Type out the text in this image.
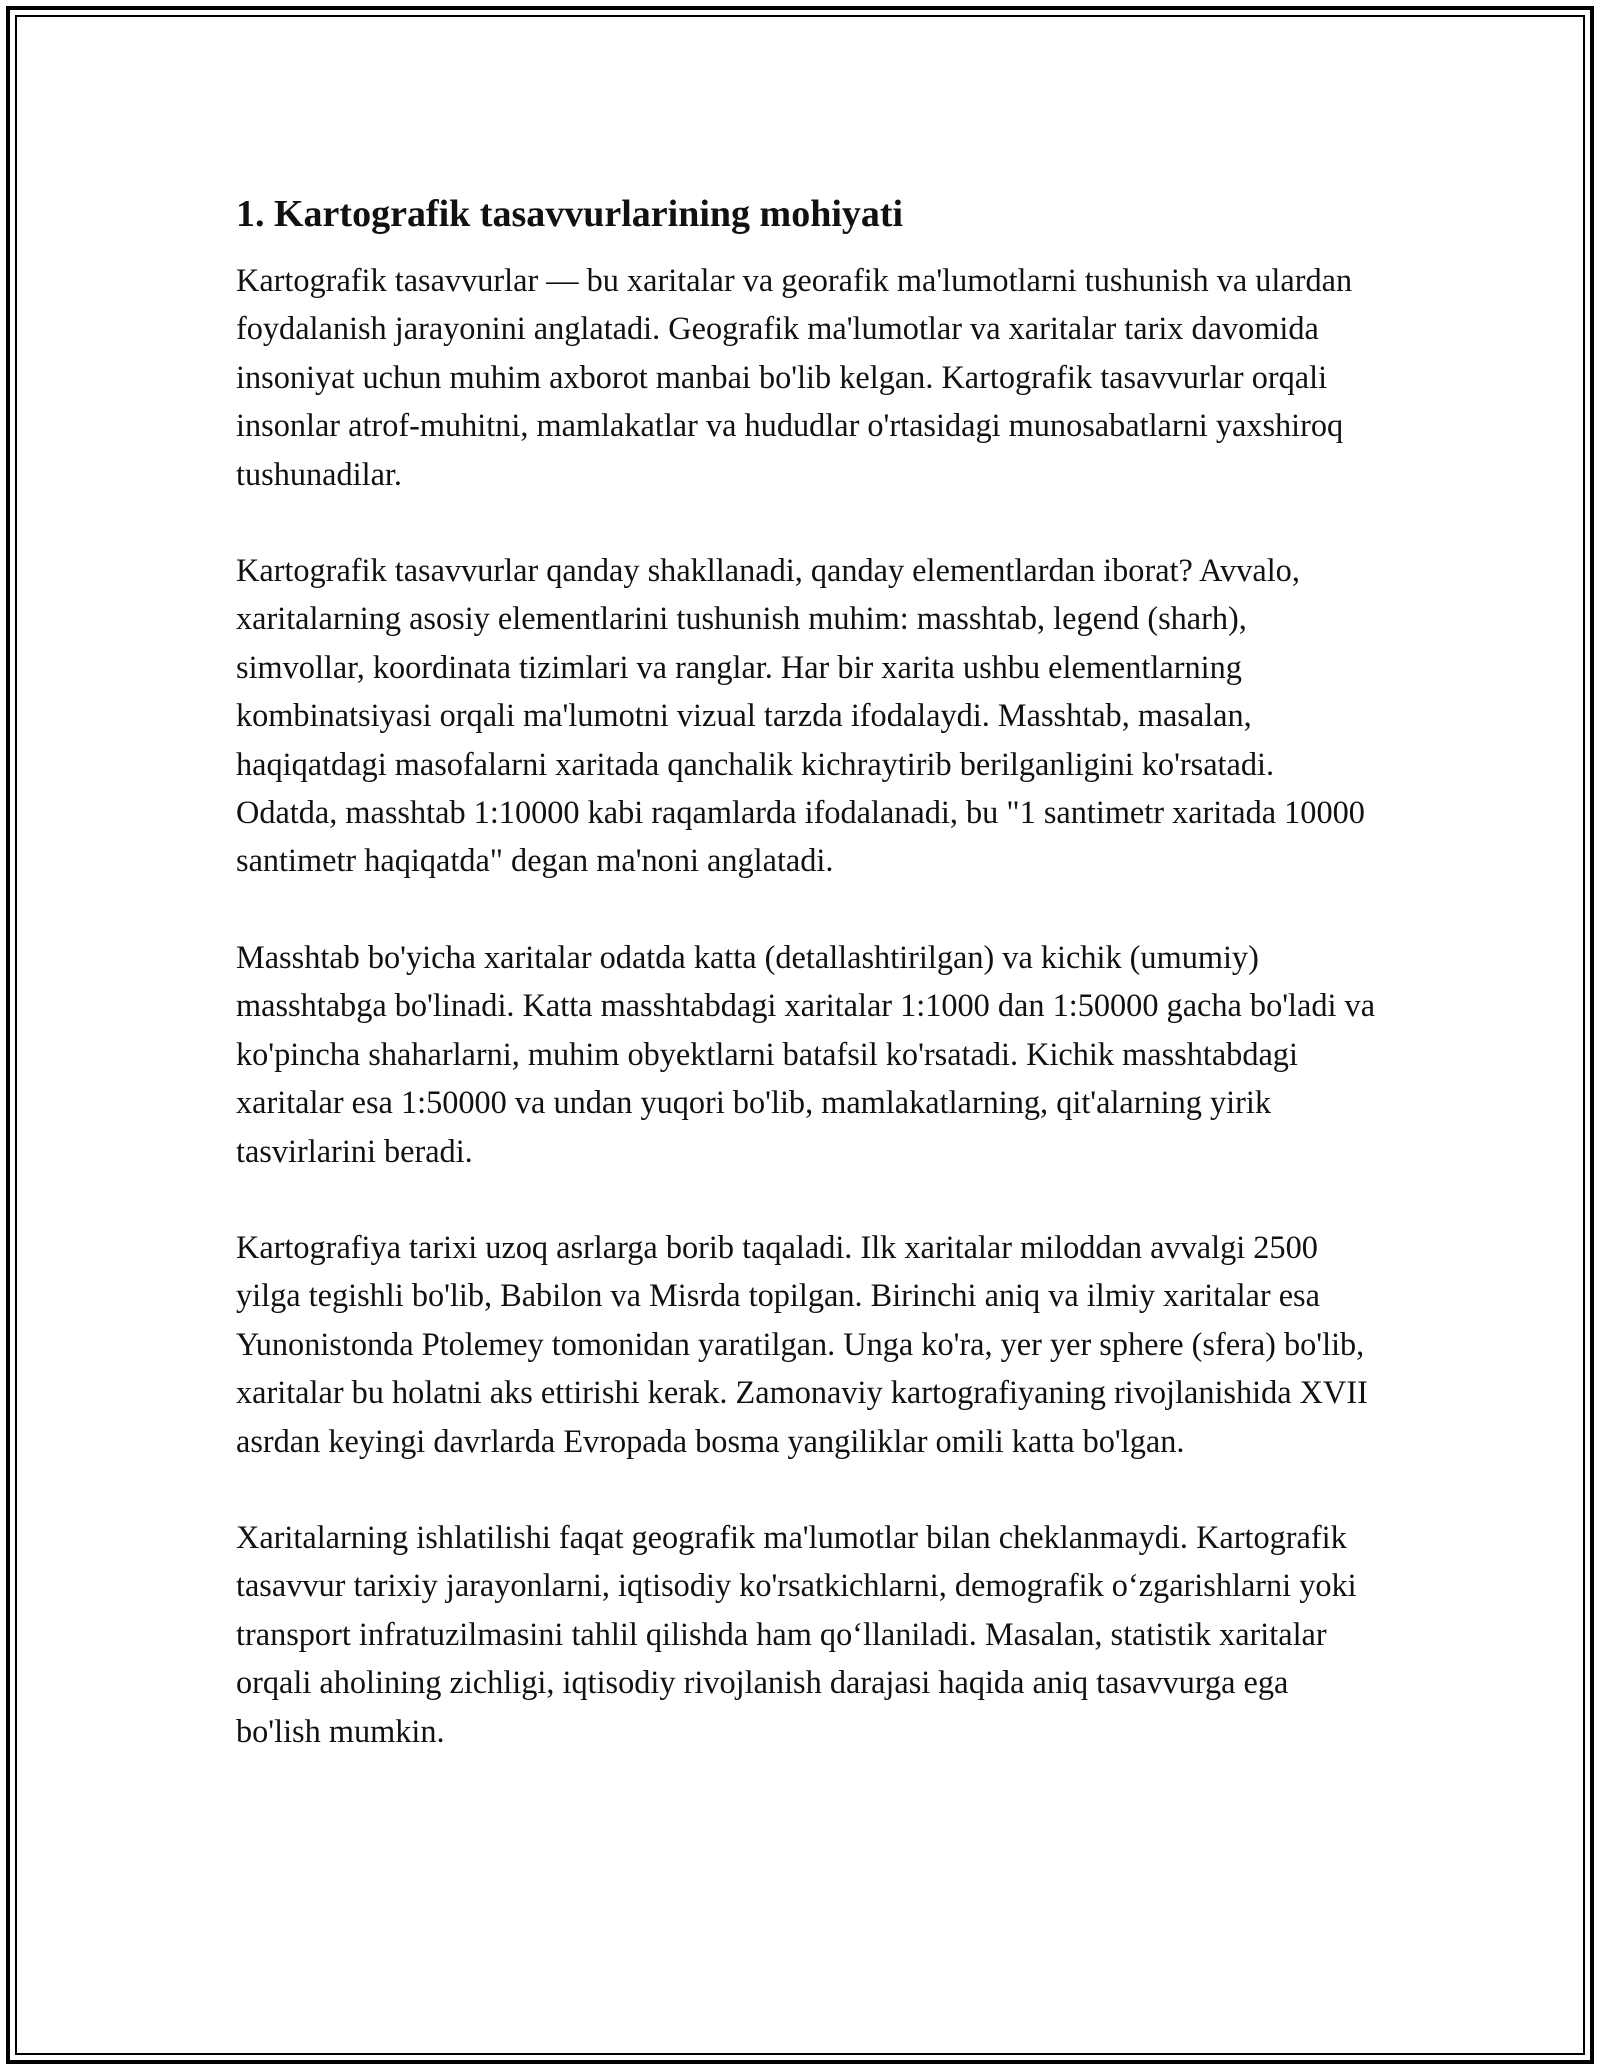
1. Kartografik tasavvurlarining mohiyati

Kartografik tasavvurlar — bu xaritalar va georafik ma'lumotlarni tushunish va ulardan foydalanish jarayonini anglatadi. Geografik ma'lumotlar va xaritalar tarix davomida insoniyat uchun muhim axborot manbai bo'lib kelgan. Kartografik tasavvurlar orqali insonlar atrof-muhitni, mamlakatlar va hududlar o'rtasidagi munosabatlarni yaxshiroq tushunadilar.

Kartografik tasavvurlar qanday shakllanadi, qanday elementlardan iborat? Avvalo, xaritalarning asosiy elementlarini tushunish muhim: masshtab, legend (sharh), simvollar, koordinata tizimlari va ranglar. Har bir xarita ushbu elementlarning kombinatsiyasi orqali ma'lumotni vizual tarzda ifodalaydi. Masshtab, masalan, haqiqatdagi masofalarni xaritada qanchalik kichraytirib berilganligini ko'rsatadi. Odatda, masshtab 1:10000 kabi raqamlarda ifodalanadi, bu "1 santimetr xaritada 10000 santimetr haqiqatda" degan ma'noni anglatadi.

Masshtab bo'yicha xaritalar odatda katta (detallashtirilgan) va kichik (umumiy) masshtabga bo'linadi. Katta masshtabdagi xaritalar 1:1000 dan 1:50000 gacha bo'ladi va ko'pincha shaharlarni, muhim obyektlarni batafsil ko'rsatadi. Kichik masshtabdagi xaritalar esa 1:50000 va undan yuqori bo'lib, mamlakatlarning, qit'alarning yirik tasvirlarini beradi.

Kartografiya tarixi uzoq asrlarga borib taqaladi. Ilk xaritalar miloddan avvalgi 2500 yilga tegishli bo'lib, Babilon va Misrda topilgan. Birinchi aniq va ilmiy xaritalar esa Yunonistonda Ptolemey tomonidan yaratilgan. Unga ko'ra, yer yer sphere (sfera) bo'lib, xaritalar bu holatni aks ettirishi kerak. Zamonaviy kartografiyaning rivojlanishida XVII asrdan keyingi davrlarda Evropada bosma yangiliklar omili katta bo'lgan.

Xaritalarning ishlatilishi faqat geografik ma'lumotlar bilan cheklanmaydi. Kartografik tasavvur tarixiy jarayonlarni, iqtisodiy ko'rsatkichlarni, demografik o‘zgarishlarni yoki transport infratuzilmasini tahlil qilishda ham qo‘llaniladi. Masalan, statistik xaritalar orqali aholining zichligi, iqtisodiy rivojlanish darajasi haqida aniq tasavvurga ega bo'lish mumkin.
